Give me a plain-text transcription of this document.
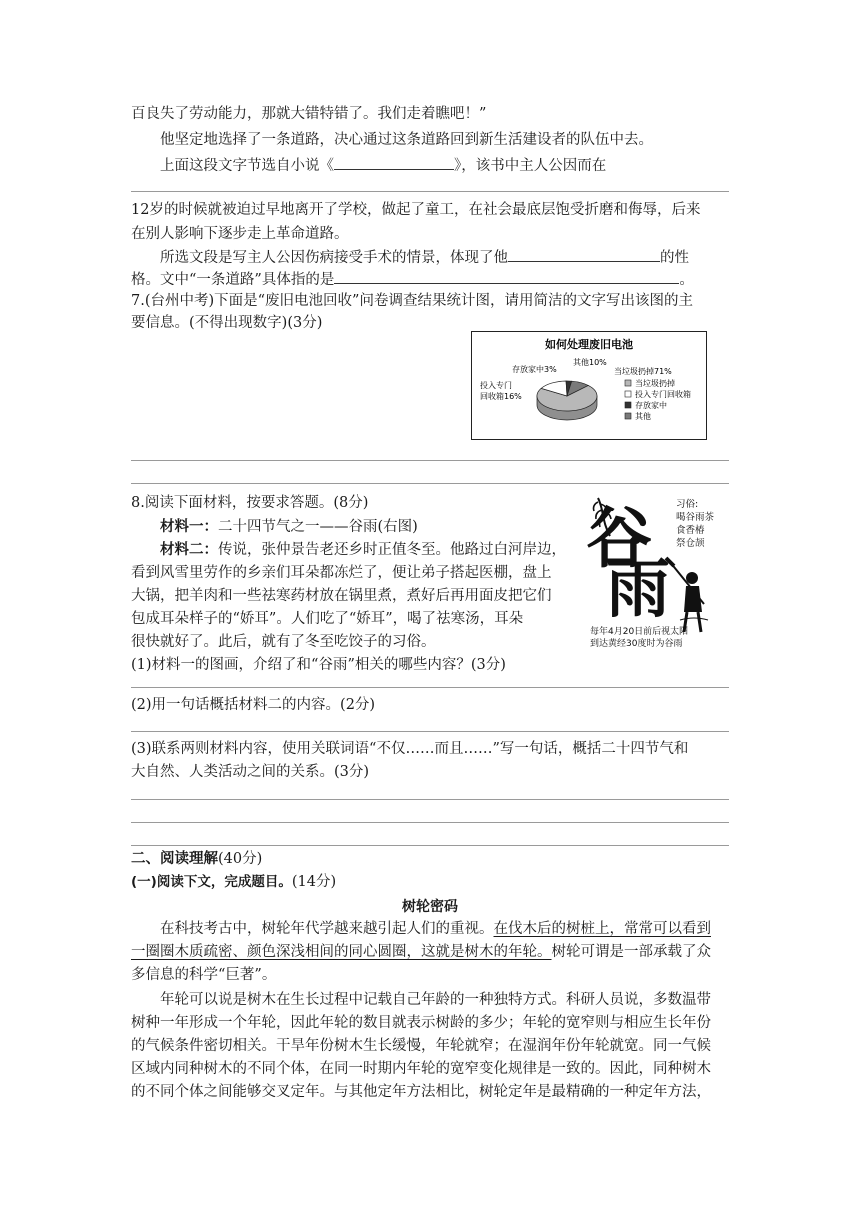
百良失了劳动能力，那就大错特错了。我们走着瞧吧！”
他坚定地选择了一条道路，决心通过这条道路回到新生活建设者的队伍中去。
上面这段文字节选自小说《	》，该书中主人公因而在
12岁的时候就被迫过早地离开了学校，做起了童工，在社会最底层饱受折磨和侮辱，后来
在别人影响下逐步走上革命道路。
所选文段是写主人公因伤病接受手术的情景，体现了他	的性
格。文中“一条道路”具体指的是	。
7.(台州中考)下面是“废旧电池回收”问卷调查结果统计图，请用简洁的文字写出该图的主
要信息。(不得出现数字)(3分)
如何处理废旧电池
当垃圾扔掉
投入专门回收箱
存放家中
其他
当垃圾扔掉71%
投入专门
回收箱16%
存放家中3%
其他10%
8.阅读下面材料，按要求答题。(8分)
材料一：二十四节气之一——谷雨(右图)
材料二：传说，张仲景告老还乡时正值冬至。他路过白河岸边，
看到风雪里劳作的乡亲们耳朵都冻烂了，便让弟子搭起医棚，盘上
大锅，把羊肉和一些祛寒药材放在锅里煮，煮好后再用面皮把它们
包成耳朵样子的“娇耳”。人们吃了“娇耳”，喝了祛寒汤，耳朵
很快就好了。此后，就有了冬至吃饺子的习俗。
(1)材料一的图画，介绍了和“谷雨”相关的哪些内容？(3分)
(2)用一句话概括材料二的内容。(2分)
(3)联系两则材料内容，使用关联词语“不仅……而且……”写一句话，概括二十四节气和
大自然、人类活动之间的关系。(3分)
谷
雨
习俗:
喝谷雨茶
食香椿
祭仓颉
每年4月20日前后视太阳
到达黄经30度时为谷雨
二、阅读理解(40分)
(一)阅读下文，完成题目。(14分)
树轮密码
在科技考古中，树轮年代学越来越引起人们的重视。在伐木后的树桩上，常常可以看到
一圈圈木质疏密、颜色深浅相间的同心圆圈，这就是树木的年轮。树轮可谓是一部承载了众
多信息的科学“巨著”。
年轮可以说是树木在生长过程中记载自己年龄的一种独特方式。科研人员说，多数温带
树种一年形成一个年轮，因此年轮的数目就表示树龄的多少；年轮的宽窄则与相应生长年份
的气候条件密切相关。干旱年份树木生长缓慢，年轮就窄；在湿润年份年轮就宽。同一气候
区域内同种树木的不同个体，在同一时期内年轮的宽窄变化规律是一致的。因此，同种树木
的不同个体之间能够交叉定年。与其他定年方法相比，树轮定年是最精确的一种定年方法，
